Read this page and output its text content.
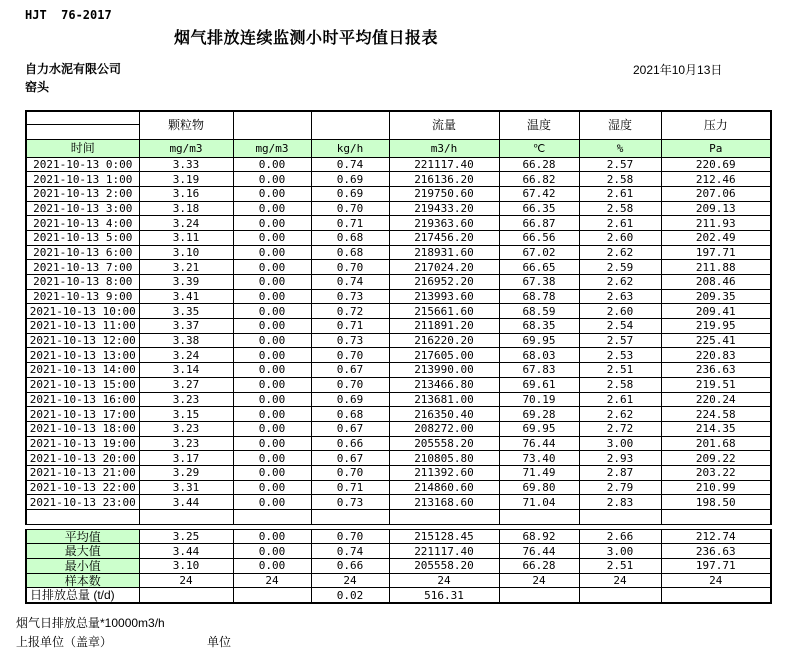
HJT  76-2017
烟气排放连续监测小时平均值日报表
自力水泥有限公司	2021年10月13日
窑头
	颗粒物			流量	温度	湿度	压力

时间	mg/m3	mg/m3	kg/h	m3/h	℃	%	Pa
2021-10-13 0:00	3.33	0.00	0.74	221117.40	66.28	2.57	220.69
2021-10-13 1:00	3.19	0.00	0.69	216136.20	66.82	2.58	212.46
2021-10-13 2:00	3.16	0.00	0.69	219750.60	67.42	2.61	207.06
2021-10-13 3:00	3.18	0.00	0.70	219433.20	66.35	2.58	209.13
2021-10-13 4:00	3.24	0.00	0.71	219363.60	66.87	2.61	211.93
2021-10-13 5:00	3.11	0.00	0.68	217456.20	66.56	2.60	202.49
2021-10-13 6:00	3.10	0.00	0.68	218931.60	67.02	2.62	197.71
2021-10-13 7:00	3.21	0.00	0.70	217024.20	66.65	2.59	211.88
2021-10-13 8:00	3.39	0.00	0.74	216952.20	67.38	2.62	208.46
2021-10-13 9:00	3.41	0.00	0.73	213993.60	68.78	2.63	209.35
2021-10-13 10:00	3.35	0.00	0.72	215661.60	68.59	2.60	209.41
2021-10-13 11:00	3.37	0.00	0.71	211891.20	68.35	2.54	219.95
2021-10-13 12:00	3.38	0.00	0.73	216220.20	69.95	2.57	225.41
2021-10-13 13:00	3.24	0.00	0.70	217605.00	68.03	2.53	220.83
2021-10-13 14:00	3.14	0.00	0.67	213990.00	67.83	2.51	236.63
2021-10-13 15:00	3.27	0.00	0.70	213466.80	69.61	2.58	219.51
2021-10-13 16:00	3.23	0.00	0.69	213681.00	70.19	2.61	220.24
2021-10-13 17:00	3.15	0.00	0.68	216350.40	69.28	2.62	224.58
2021-10-13 18:00	3.23	0.00	0.67	208272.00	69.95	2.72	214.35
2021-10-13 19:00	3.23	0.00	0.66	205558.20	76.44	3.00	201.68
2021-10-13 20:00	3.17	0.00	0.67	210805.80	73.40	2.93	209.22
2021-10-13 21:00	3.29	0.00	0.70	211392.60	71.49	2.87	203.22
2021-10-13 22:00	3.31	0.00	0.71	214860.60	69.80	2.79	210.99
2021-10-13 23:00	3.44	0.00	0.73	213168.60	71.04	2.83	198.50

平均值	3.25	0.00	0.70	215128.45	68.92	2.66	212.74
最大值	3.44	0.00	0.74	221117.40	76.44	3.00	236.63
最小值	3.10	0.00	0.66	205558.20	66.28	2.51	197.71
样本数	24	24	24	24	24	24	24
日排放总量 (t/d)			0.02	516.31			
烟气日排放总量*10000m3/h
上报单位（盖章）	单位
